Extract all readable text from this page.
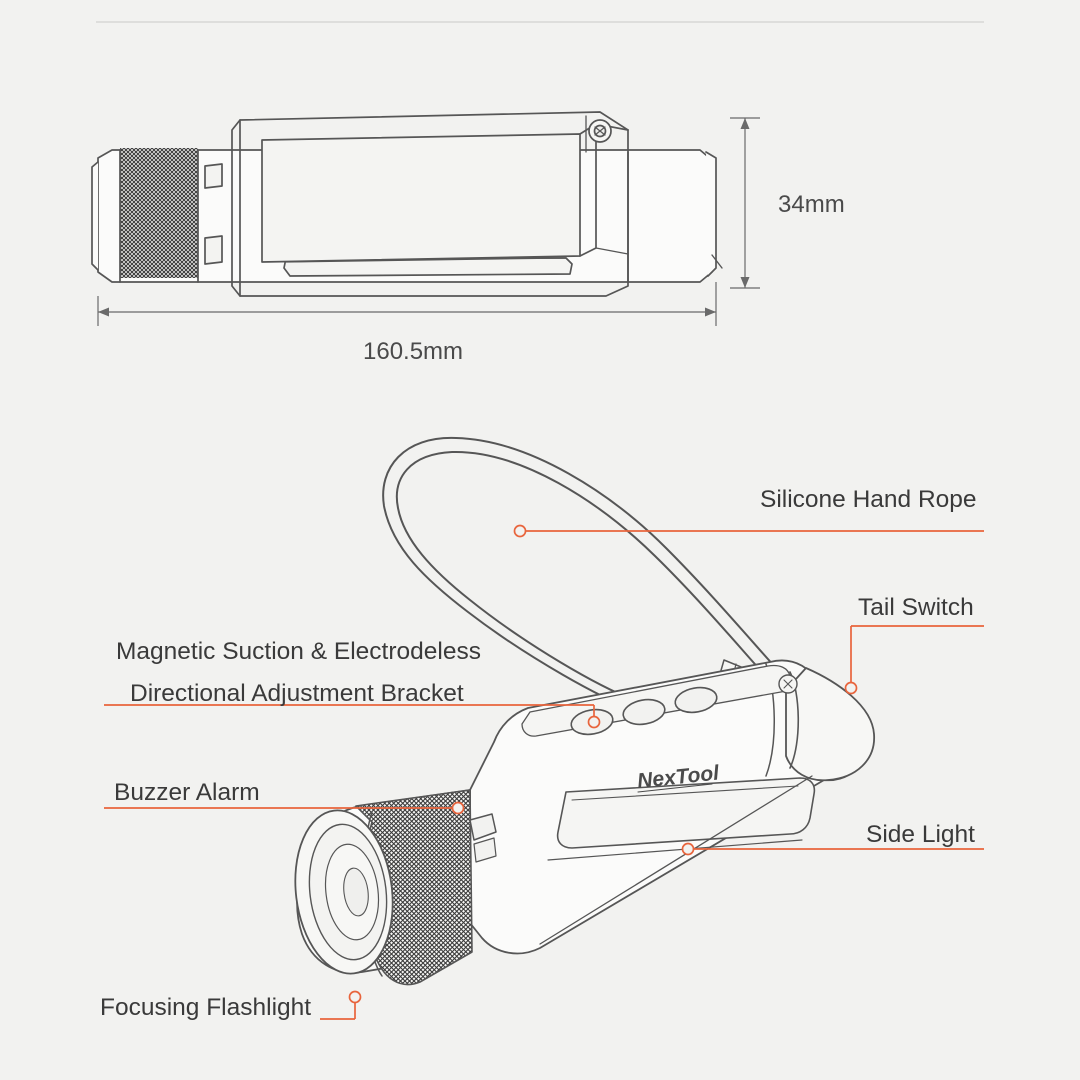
NexTool
34mm
160.5mm
Silicone Hand Rope
Tail Switch
Magnetic Suction & Electrodeless
Directional Adjustment Bracket
Buzzer Alarm
Side Light
Focusing Flashlight
